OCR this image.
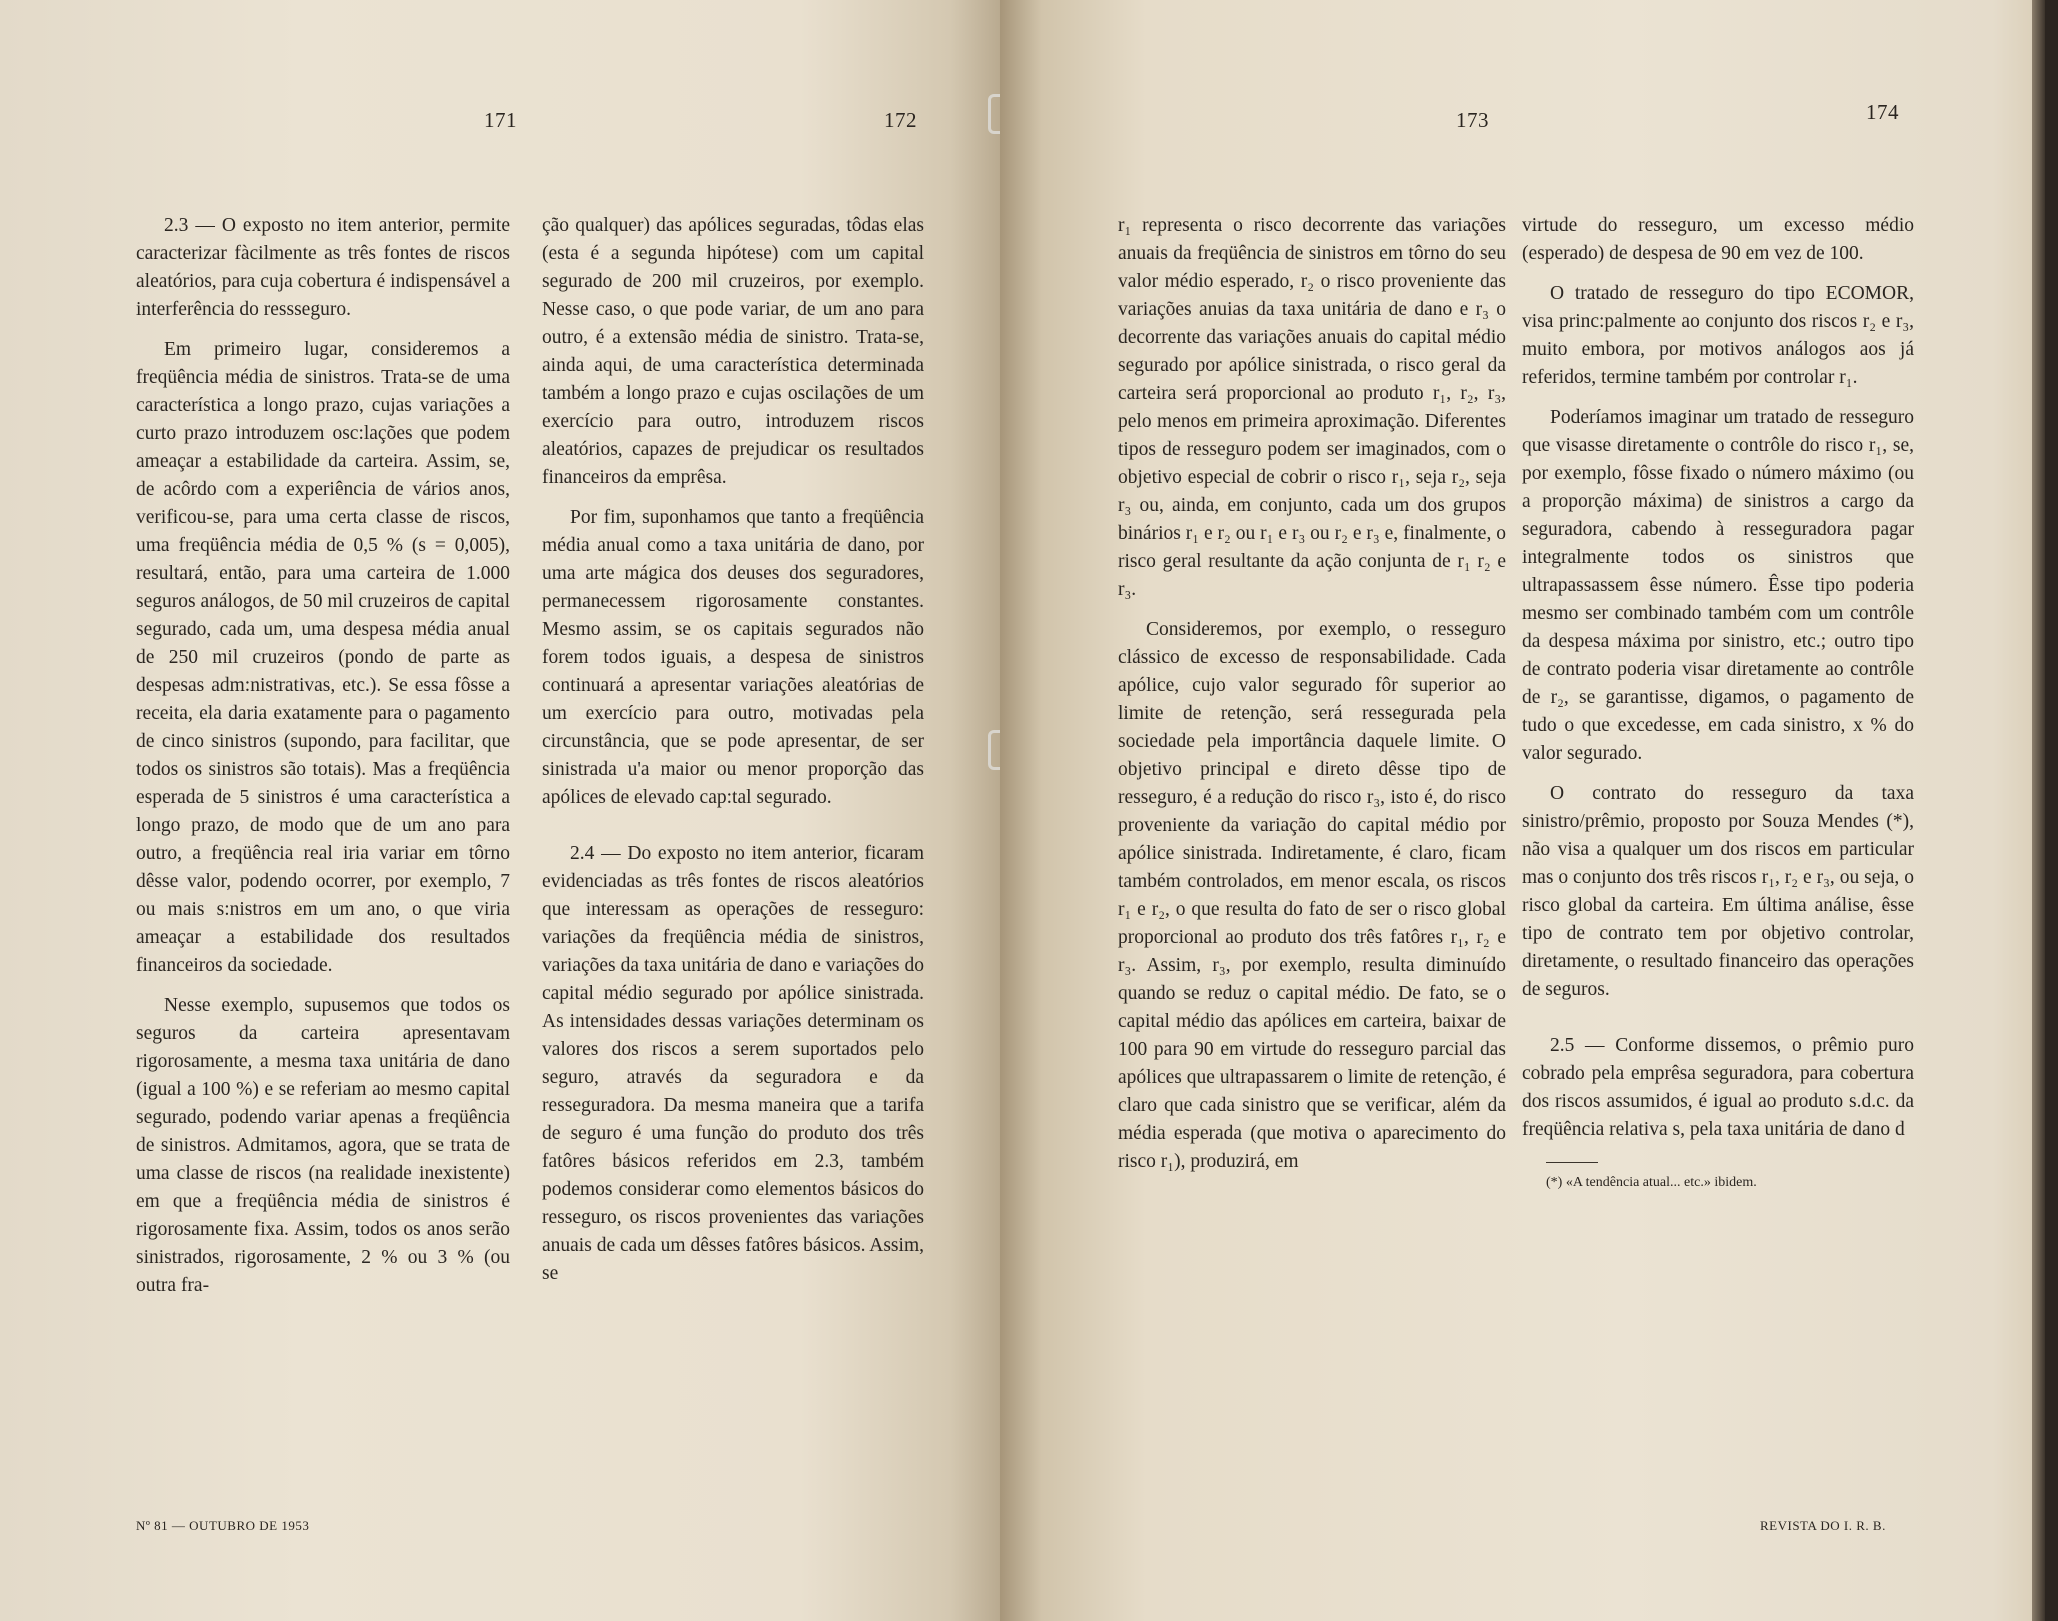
171

2.3 — O exposto no item anterior, permite caracterizar fàcilmente as três fontes de riscos aleatórios, para cuja cobertura é indispensável a interferência do ressseguro.

Em primeiro lugar, consideremos a freqüência média de sinistros. Trata-se de uma característica a longo prazo, cujas variações a curto prazo introduzem osc:lações que podem ameaçar a estabilidade da carteira. Assim, se, de acôrdo com a experiência de vários anos, verificou-se, para uma certa classe de riscos, uma freqüência média de 0,5 % (s = 0,005), resultará, então, para uma carteira de 1.000 seguros análogos, de 50 mil cruzeiros de capital segurado, cada um, uma despesa média anual de 250 mil cruzeiros (pondo de parte as despesas adm:nistrativas, etc.). Se essa fôsse a receita, ela daria exatamente para o pagamento de cinco sinistros (supondo, para facilitar, que todos os sinistros são totais). Mas a freqüência esperada de 5 sinistros é uma característica a longo prazo, de modo que de um ano para outro, a freqüência real iria variar em tôrno dêsse valor, podendo ocorrer, por exemplo, 7 ou mais s:nistros em um ano, o que viria ameaçar a estabilidade dos resultados financeiros da sociedade.

Nesse exemplo, supusemos que todos os seguros da carteira apresentavam rigorosamente, a mesma taxa unitária de dano (igual a 100 %) e se referiam ao mesmo capital segurado, podendo variar apenas a freqüência de sinistros. Admitamos, agora, que se trata de uma classe de riscos (na realidade inexistente) em que a freqüência média de sinistros é rigorosamente fixa. Assim, todos os anos serão sinistrados, rigorosamente, 2 % ou 3 % (ou outra fra-

Nº 81 — OUTUBRO DE 1953
172

ção qualquer) das apólices seguradas, tôdas elas (esta é a segunda hipótese) com um capital segurado de 200 mil cruzeiros, por exemplo. Nesse caso, o que pode variar, de um ano para outro, é a extensão média de sinistro. Trata-se, ainda aqui, de uma característica determinada também a longo prazo e cujas oscilações de um exercício para outro, introduzem riscos aleatórios, capazes de prejudicar os resultados financeiros da emprêsa.

Por fim, suponhamos que tanto a freqüência média anual como a taxa unitária de dano, por uma arte mágica dos deuses dos seguradores, permanecessem rigorosamente constantes. Mesmo assim, se os capitais segurados não forem todos iguais, a despesa de sinistros continuará a apresentar variações aleatórias de um exercício para outro, motivadas pela circunstância, que se pode apresentar, de ser sinistrada u'a maior ou menor proporção das apólices de elevado cap:tal segurado.

2.4 — Do exposto no item anterior, ficaram evidenciadas as três fontes de riscos aleatórios que interessam as operações de resseguro: variações da freqüência média de sinistros, variações da taxa unitária de dano e variações do capital médio segurado por apólice sinistrada. As intensidades dessas variações determinam os valores dos riscos a serem suportados pelo seguro, através da seguradora e da resseguradora. Da mesma maneira que a tarifa de seguro é uma função do produto dos três fatôres básicos referidos em 2.3, também podemos considerar como elementos básicos do resseguro, os riscos provenientes das variações anuais de cada um dêsses fatôres básicos. Assim, se

173

r₁ representa o risco decorrente das variações anuais da freqüência de sinistros em tôrno do seu valor médio esperado, r₂ o risco proveniente das variações anuias da taxa unitária de dano e r₃ o decorrente das variações anuais do capital médio segurado por apólice sinistrada, o risco geral da carteira será proporcional ao produto r₁, r₂, r₃, pelo menos em primeira aproximação. Diferentes tipos de resseguro podem ser imaginados, com o objetivo especial de cobrir o risco r₁, seja r₂, seja r₃ ou, ainda, em conjunto, cada um dos grupos binários r₁ e r₂ ou r₁ e r₃ ou r₂ e r₃ e, finalmente, o risco geral resultante da ação conjunta de r₁ r₂ e r₃.

Consideremos, por exemplo, o resseguro clássico de excesso de responsabilidade. Cada apólice, cujo valor segurado fôr superior ao limite de retenção, será ressegurada pela sociedade pela importância daquele limite. O objetivo principal e direto dêsse tipo de resseguro, é a redução do risco r₃, isto é, do risco proveniente da variação do capital médio por apólice sinistrada. Indiretamente, é claro, ficam também controlados, em menor escala, os riscos r₁ e r₂, o que resulta do fato de ser o risco global proporcional ao produto dos três fatôres r₁, r₂ e r₃. Assim, r₃, por exemplo, resulta diminuído quando se reduz o capital médio. De fato, se o capital médio das apólices em carteira, baixar de 100 para 90 em virtude do resseguro parcial das apólices que ultrapassarem o limite de retenção, é claro que cada sinistro que se verificar, além da média esperada (que motiva o aparecimento do risco r₁), produzirá, em

174

virtude do resseguro, um excesso médio (esperado) de despesa de 90 em vez de 100.

O tratado de resseguro do tipo ECOMOR, visa princ:palmente ao conjunto dos riscos r₂ e r₃, muito embora, por motivos análogos aos já referidos, termine também por controlar r₁.

Poderíamos imaginar um tratado de resseguro que visasse diretamente o contrôle do risco r₁, se, por exemplo, fôsse fixado o número máximo (ou a proporção máxima) de sinistros a cargo da seguradora, cabendo à resseguradora pagar integralmente todos os sinistros que ultrapassassem êsse número. Êsse tipo poderia mesmo ser combinado também com um contrôle da despesa máxima por sinistro, etc.; outro tipo de contrato poderia visar diretamente ao contrôle de r₂, se garantisse, digamos, o pagamento de tudo o que excedesse, em cada sinistro, x % do valor segurado.

O contrato do resseguro da taxa sinistro/prêmio, proposto por Souza Mendes (*), não visa a qualquer um dos riscos em particular mas o conjunto dos três riscos r₁, r₂ e r₃, ou seja, o risco global da carteira. Em última análise, êsse tipo de contrato tem por objetivo controlar, diretamente, o resultado financeiro das operações de seguros.

2.5 — Conforme dissemos, o prêmio puro cobrado pela emprêsa seguradora, para cobertura dos riscos assumidos, é igual ao produto s.d.c. da freqüência relativa s, pela taxa unitária de dano d

(*) «A tendência atual... etc.» ibidem.
REVISTA DO I. R. B.
